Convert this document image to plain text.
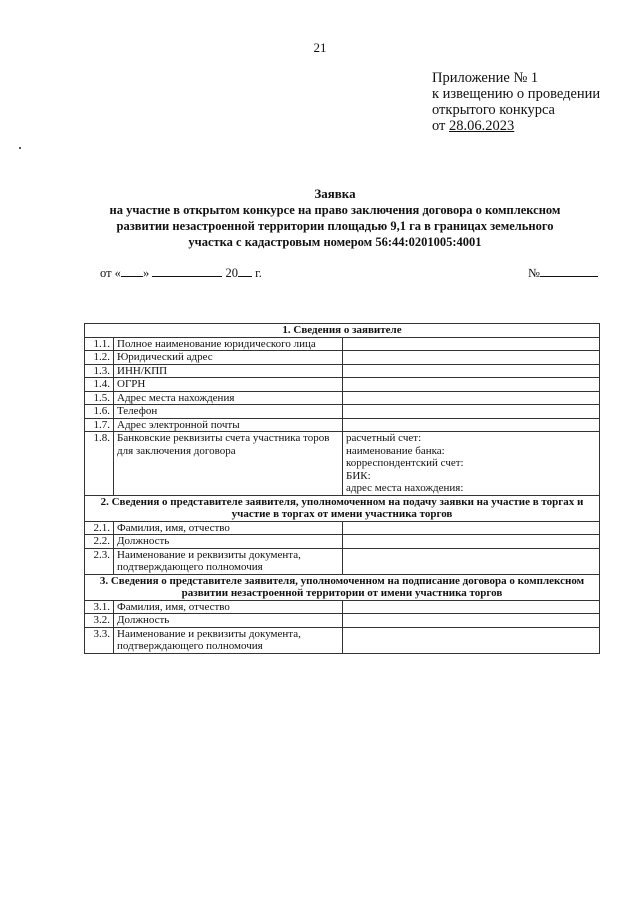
21
Приложение № 1
к извещению о проведении
открытого конкурса
от 28.06.2023
Заявка
на участие в открытом конкурсе на право заключения договора о комплексном
развитии незастроенной территории площадью 9,1 га в границах земельного
участка с кадастровым номером 56:44:0201005:4001
от « »	20 г.	№
1. Сведения о заявителе		
1.1.	Полное наименование юридического лица	
1.2.	Юридический адрес	
1.3.	ИНН/КПП	
1.4.	ОГРН	
1.5.	Адрес места нахождения	
1.6.	Телефон	
1.7.	Адрес электронной почты	
1.8.	Банковские реквизиты счета участника торов для заключения договора	расчетный счет:
наименование банка:
корреспондентский счет:
БИК:
адрес места нахождения:

2. Сведения о представителе заявителя, уполномоченном на подачу заявки на участие в торгах и участие в торгах от имени участника торгов		
2.1.	Фамилия, имя, отчество	
2.2.	Должность	
2.3.	Наименование и реквизиты документа, подтверждающего полномочия	
3. Сведения о представителе заявителя, уполномоченном на подписание договора о комплексном развитии незастроенной территории от имени участника торгов		
3.1.	Фамилия, имя, отчество	
3.2.	Должность	
3.3.	Наименование и реквизиты документа, подтверждающего полномочия	
